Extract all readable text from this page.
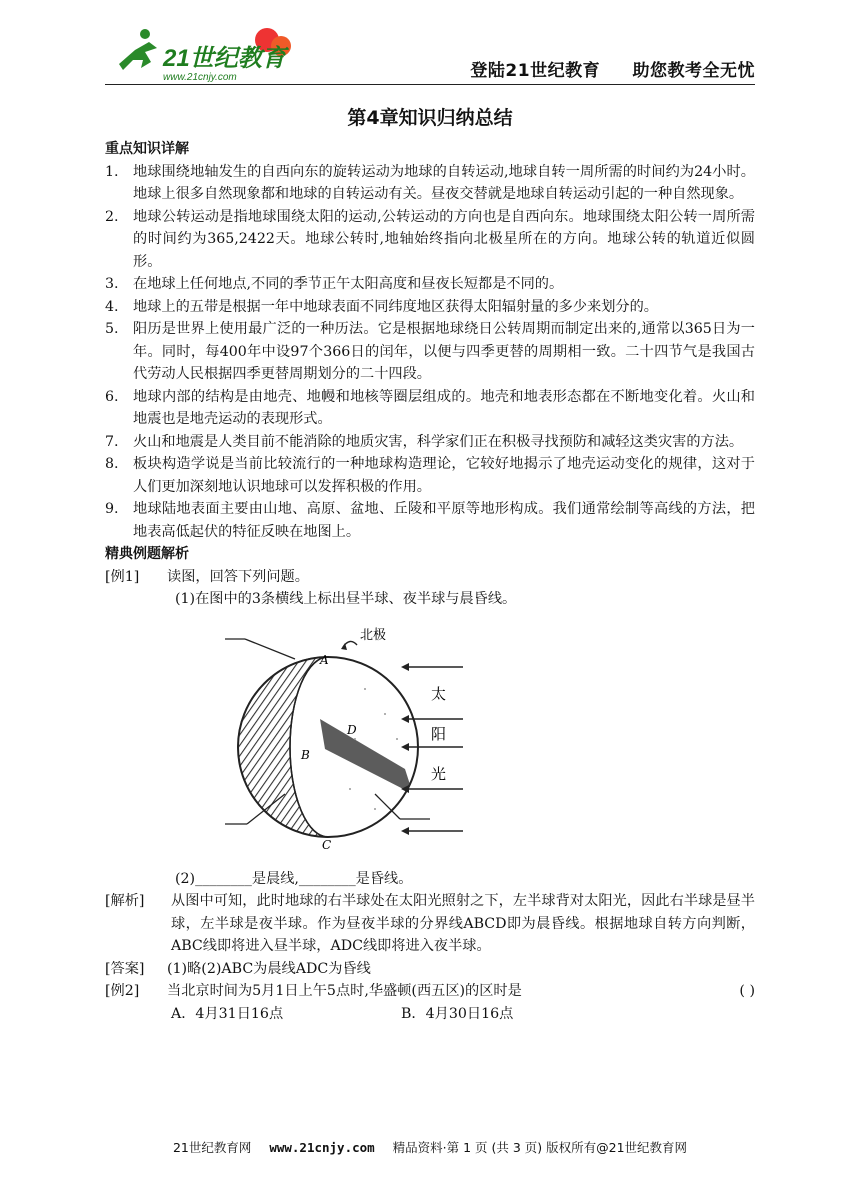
21世纪教育
www.21cnjy.com	登陆21世纪教育 助您教考全无忧
第4章知识归纳总结
重点知识详解
1.	地球围绕地轴发生的自西向东的旋转运动为地球的自转运动,地球自转一周所需的时间约为24小时。地球上很多自然现象都和地球的自转运动有关。昼夜交替就是地球自转运动引起的一种自然现象。
2.	地球公转运动是指地球围绕太阳的运动,公转运动的方向也是自西向东。地球围绕太阳公转一周所需的时间约为365,2422天。地球公转时,地轴始终指向北极星所在的方向。地球公转的轨道近似圆形。
3.	在地球上任何地点,不同的季节正午太阳高度和昼夜长短都是不同的。
4.	地球上的五带是根据一年中地球表面不同纬度地区获得太阳辐射量的多少来划分的。
5.	阳历是世界上使用最广泛的一种历法。它是根据地球绕日公转周期而制定出来的,通常以365日为一年。同时，每400年中设97个366日的闰年，以便与四季更替的周期相一致。二十四节气是我国古代劳动人民根据四季更替周期划分的二十四段。
6.	地球内部的结构是由地壳、地幔和地核等圈层组成的。地壳和地表形态都在不断地变化着。火山和地震也是地壳运动的表现形式。
7.	火山和地震是人类目前不能消除的地质灾害，科学家们正在积极寻找预防和减轻这类灾害的方法。
8.	板块构造学说是当前比较流行的一种地球构造理论，它较好地揭示了地壳运动变化的规律，这对于人们更加深刻地认识地球可以发挥积极的作用。
9.	地球陆地表面主要由山地、高原、盆地、丘陵和平原等地形构成。我们通常绘制等高线的方法，把地表高低起伏的特征反映在地图上。
精典例题解析
[例1]	读图，回答下列问题。
(1)在图中的3条横线上标出昼半球、夜半球与晨昏线。
北极
A
B
C
D
太
阳
光
(2)________是晨线,________是昏线。
[解析]	从图中可知，此时地球的右半球处在太阳光照射之下，左半球背对太阳光，因此右半球是昼半球，左半球是夜半球。作为昼夜半球的分界线ABCD即为晨昏线。根据地球自转方向判断，ABC线即将进入昼半球，ADC线即将进入夜半球。
[答案]	(1)略(2)ABC为晨线ADC为昏线
[例2]	当北京时间为5月1日上午5点时,华盛顿(西五区)的区时是	( )
A．4月31日16点	B．4月30日16点
21世纪教育网 www.21cnjy.com 精品资料·第 1 页 (共 3 页) 版权所有@21世纪教育网
